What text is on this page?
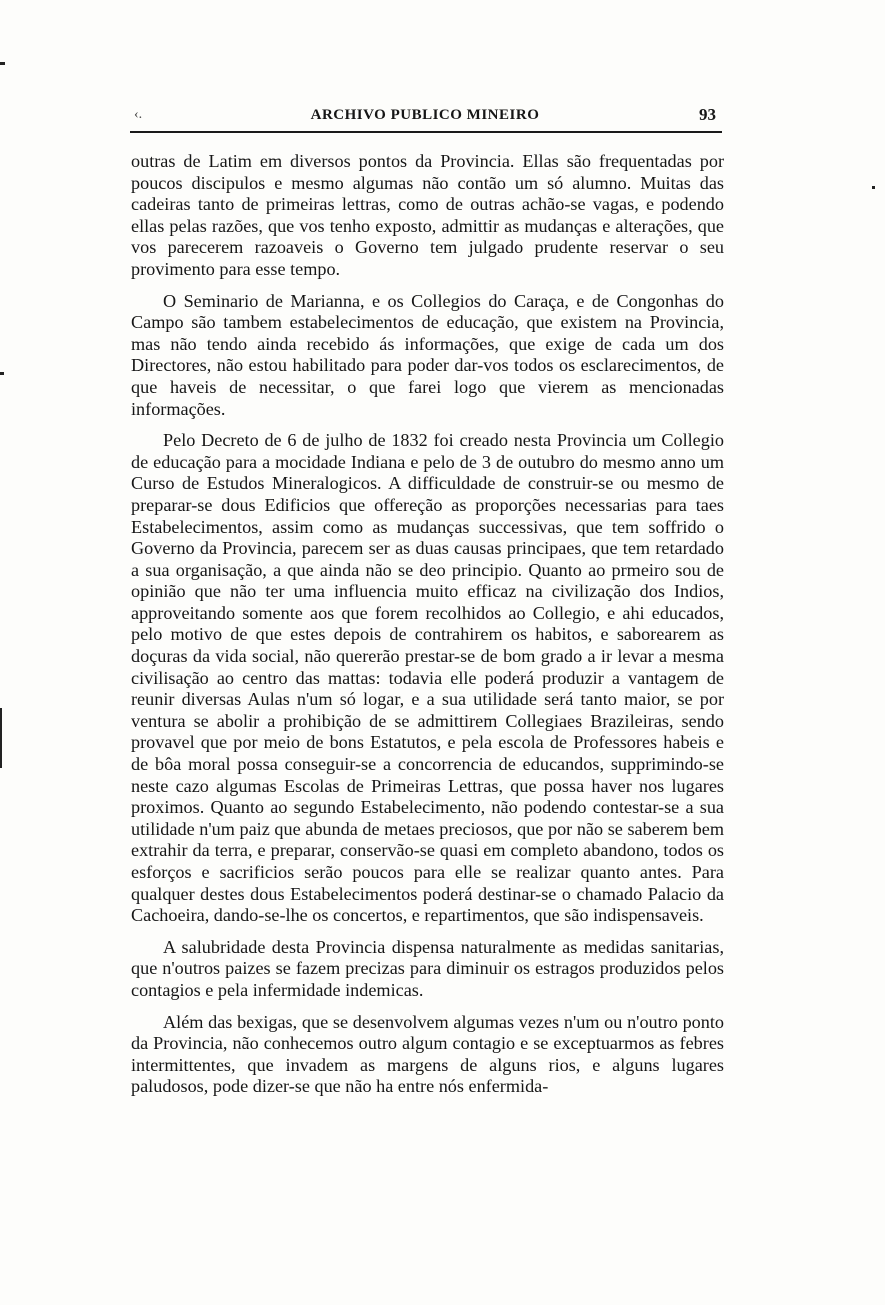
‹.	ARCHIVO PUBLICO MINEIRO	93

outras de Latim em diversos pontos da Provincia. Ellas são frequentadas por poucos discipulos e mesmo algumas não contão um só alumno. Muitas das cadeiras tanto de primeiras lettras, como de outras achão-se vagas, e podendo ellas pelas razões, que vos tenho exposto, admittir as mudanças e alterações, que vos parecerem razoaveis o Governo tem julgado prudente reservar o seu provimento para esse tempo.

O Seminario de Marianna, e os Collegios do Caraça, e de Congonhas do Campo são tambem estabelecimentos de educação, que existem na Provincia, mas não tendo ainda recebido ás informações, que exige de cada um dos Directores, não estou habilitado para poder dar-vos todos os esclarecimentos, de que haveis de necessitar, o que farei logo que vierem as mencionadas informações.

Pelo Decreto de 6 de julho de 1832 foi creado nesta Provincia um Collegio de educação para a mocidade Indiana e pelo de 3 de outubro do mesmo anno um Curso de Estudos Mineralogicos. A difficuldade de construir-se ou mesmo de preparar-se dous Edificios que offereção as proporções necessarias para taes Estabelecimentos, assim como as mudanças successivas, que tem soffrido o Governo da Provincia, parecem ser as duas causas principaes, que tem retardado a sua organisação, a que ainda não se deo principio. Quanto ao prmeiro sou de opinião que não ter uma influencia muito efficaz na civilização dos Indios, approveitando somente aos que forem recolhidos ao Collegio, e ahi educados, pelo motivo de que estes depois de contrahirem os habitos, e saborearem as doçuras da vida social, não quererão prestar-se de bom grado a ir levar a mesma civilisação ao centro das mattas: todavia elle poderá produzir a vantagem de reunir diversas Aulas n'um só logar, e a sua utilidade será tanto maior, se por ventura se abolir a prohibição de se admittirem Collegiaes Brazileiras, sendo provavel que por meio de bons Estatutos, e pela escola de Professores habeis e de bôa moral possa conseguir-se a concorrencia de educandos, supprimindo-se neste cazo algumas Escolas de Primeiras Lettras, que possa haver nos lugares proximos. Quanto ao segundo Estabelecimento, não podendo contestar-se a sua utilidade n'um paiz que abunda de metaes preciosos, que por não se saberem bem extrahir da terra, e preparar, conservão-se quasi em completo abandono, todos os esforços e sacrificios serão poucos para elle se realizar quanto antes. Para qualquer destes dous Estabelecimentos poderá destinar-se o chamado Palacio da Cachoeira, dando-se-lhe os concertos, e repartimentos, que são indispensaveis.

A salubridade desta Provincia dispensa naturalmente as medidas sanitarias, que n'outros paizes se fazem precizas para diminuir os estragos produzidos pelos contagios e pela infermidade indemicas.

Além das bexigas, que se desenvolvem algumas vezes n'um ou n'outro ponto da Provincia, não conhecemos outro algum contagio e se exceptuarmos as febres intermittentes, que invadem as margens de alguns rios, e alguns lugares paludosos, pode dizer-se que não ha entre nós enfermida-
